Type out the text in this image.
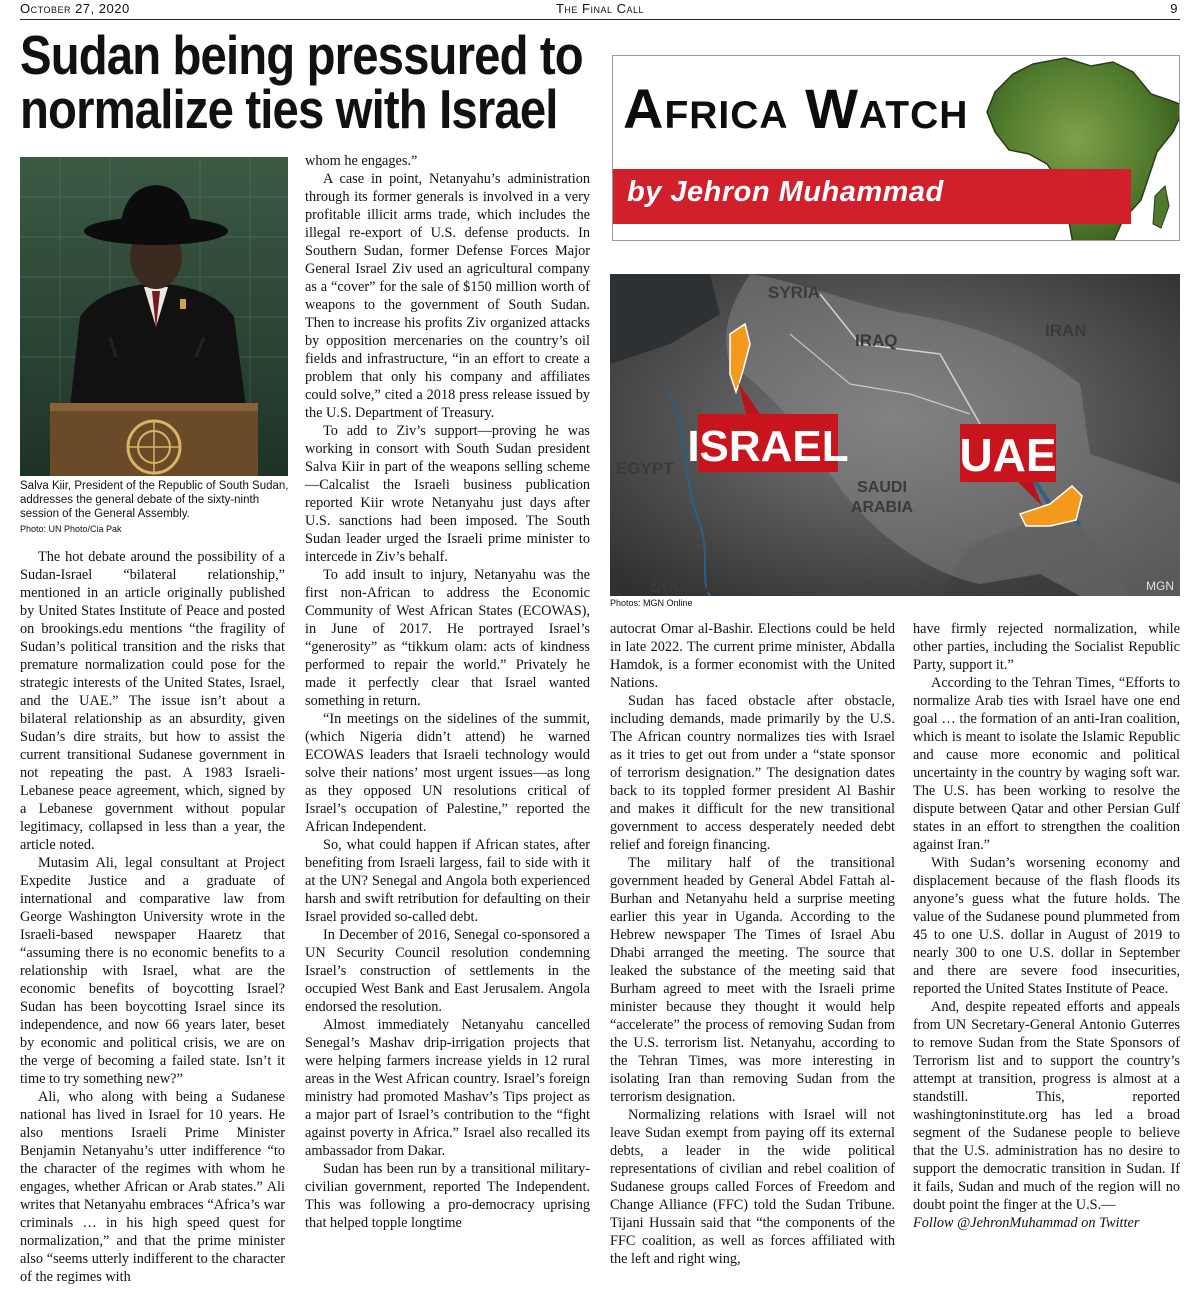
October 27, 2020	The Final Call	9
Sudan being pressured to
normalize ties with Israel Africa Watch
by Jehron Muhammad
Salva Kiir, President of the Republic of South Sudan, addresses the general debate of the sixty-ninth session of the General Assembly.
Photo: UN Photo/Cia Pak
ISRAEL UAE
SYRIA
IRAQ
IRAN
EGYPT
SAUDI
ARABIA
SUDAN	MGN
Photos: MGN Online

The hot debate around the possibility of a Sudan-Israel “bilateral relationship,” mentioned in an article originally published by United States Institute of Peace and posted on brookings.edu mentions “the fragility of Sudan’s political transition and the risks that premature normalization could pose for the strategic interests of the United States, Israel, and the UAE.” The issue isn’t about a bilateral relationship as an absurdity, given Sudan’s dire straits, but how to assist the current transitional Sudanese government in not repeating the past. A 1983 Israeli-Lebanese peace agreement, which, signed by a Lebanese government without popular legitimacy, collapsed in less than a year, the article noted.

Mutasim Ali, legal consultant at Project Expedite Justice and a graduate of international and comparative law from George Washington University wrote in the Israeli-based newspaper Haaretz that “assuming there is no economic benefits to a relationship with Israel, what are the economic benefits of boycotting Israel? Sudan has been boycotting Israel since its independence, and now 66 years later, beset by economic and political crisis, we are on the verge of becoming a failed state. Isn’t it time to try something new?”

Ali, who along with being a Sudanese national has lived in Israel for 10 years. He also mentions Israeli Prime Minister Benjamin Netanyahu’s utter indifference “to the character of the regimes with whom he engages, whether African or Arab states.” Ali writes that Netanyahu embraces “Africa’s war criminals … in his high speed quest for normalization,” and that the prime minister also “seems utterly indifferent to the character of the regimes with

whom he engages.”

A case in point, Netanyahu’s administration through its former generals is involved in a very profitable illicit arms trade, which includes the illegal re-export of U.S. defense products. In Southern Sudan, former Defense Forces Major General Israel Ziv used an agricultural company as a “cover” for the sale of $150 million worth of weapons to the government of South Sudan. Then to increase his profits Ziv organized attacks by opposition mercenaries on the country’s oil fields and infrastructure, “in an effort to create a problem that only his company and affiliates could solve,” cited a 2018 press release issued by the U.S. Department of Treasury.

To add to Ziv’s support—proving he was working in consort with South Sudan president Salva Kiir in part of the weapons selling scheme—Calcalist the Israeli business publication reported Kiir wrote Netanyahu just days after U.S. sanctions had been imposed. The South Sudan leader urged the Israeli prime minister to intercede in Ziv’s behalf.

To add insult to injury, Netanyahu was the first non-African to address the Economic Community of West African States (ECOWAS), in June of 2017. He portrayed Israel’s “generosity” as “tikkum olam: acts of kindness performed to repair the world.” Privately he made it perfectly clear that Israel wanted something in return.

“In meetings on the sidelines of the summit, (which Nigeria didn’t attend) he warned ECOWAS leaders that Israeli technology would solve their nations’ most urgent issues—as long as they opposed UN resolutions critical of Israel’s occupation of Palestine,” reported the African Independent.

So, what could happen if African states, after benefiting from Israeli largess, fail to side with it at the UN? Senegal and Angola both experienced harsh and swift retribution for defaulting on their Israel provided so-called debt.

In December of 2016, Senegal co-sponsored a UN Security Council resolution condemning Israel’s construction of settlements in the occupied West Bank and East Jerusalem. Angola endorsed the resolution.

Almost immediately Netanyahu cancelled Senegal’s Mashav drip-irrigation projects that were helping farmers increase yields in 12 rural areas in the West African country. Israel’s foreign ministry had promoted Mashav’s Tips project as a major part of Israel’s contribution to the “fight against poverty in Africa.” Israel also recalled its ambassador from Dakar.

Sudan has been run by a transitional military-civilian government, reported The Independent. This was following a pro-democracy uprising that helped topple longtime

autocrat Omar al-Bashir. Elections could be held in late 2022. The current prime minister, Abdalla Hamdok, is a former economist with the United Nations.

Sudan has faced obstacle after obstacle, including demands, made primarily by the U.S. The African country normalizes ties with Israel as it tries to get out from under a “state sponsor of terrorism designation.” The designation dates back to its toppled former president Al Bashir and makes it difficult for the new transitional government to access desperately needed debt relief and foreign financing.

The military half of the transitional government headed by General Abdel Fattah al-Burhan and Netanyahu held a surprise meeting earlier this year in Uganda. According to the Hebrew newspaper The Times of Israel Abu Dhabi arranged the meeting. The source that leaked the substance of the meeting said that Burham agreed to meet with the Israeli prime minister because they thought it would help “accelerate” the process of removing Sudan from the U.S. terrorism list. Netanyahu, according to the Tehran Times, was more interesting in isolating Iran than removing Sudan from the terrorism designation.

Normalizing relations with Israel will not leave Sudan exempt from paying off its external debts, a leader in the wide political representations of civilian and rebel coalition of Sudanese groups called Forces of Freedom and Change Alliance (FFC) told the Sudan Tribune. Tijani Hussain said that “the components of the FFC coalition, as well as forces affiliated with the left and right wing,

have firmly rejected normalization, while other parties, including the Socialist Republic Party, support it.”

According to the Tehran Times, “Efforts to normalize Arab ties with Israel have one end goal … the formation of an anti-Iran coalition, which is meant to isolate the Islamic Republic and cause more economic and political uncertainty in the country by waging soft war. The U.S. has been working to resolve the dispute between Qatar and other Persian Gulf states in an effort to strengthen the coalition against Iran.”

With Sudan’s worsening economy and displacement because of the flash floods its anyone’s guess what the future holds. The value of the Sudanese pound plummeted from 45 to one U.S. dollar in August of 2019 to nearly 300 to one U.S. dollar in September and there are severe food insecurities, reported the United States Institute of Peace.

And, despite repeated efforts and appeals from UN Secretary-General Antonio Guterres to remove Sudan from the State Sponsors of Terrorism list and to support the country’s attempt at transition, progress is almost at a standstill. This, reported washingtoninstitute.org has led a broad segment of the Sudanese people to believe that the U.S. administration has no desire to support the democratic transition in Sudan. If it fails, Sudan and much of the region will no doubt point the finger at the U.S.—

Follow @JehronMuhammad on Twitter
